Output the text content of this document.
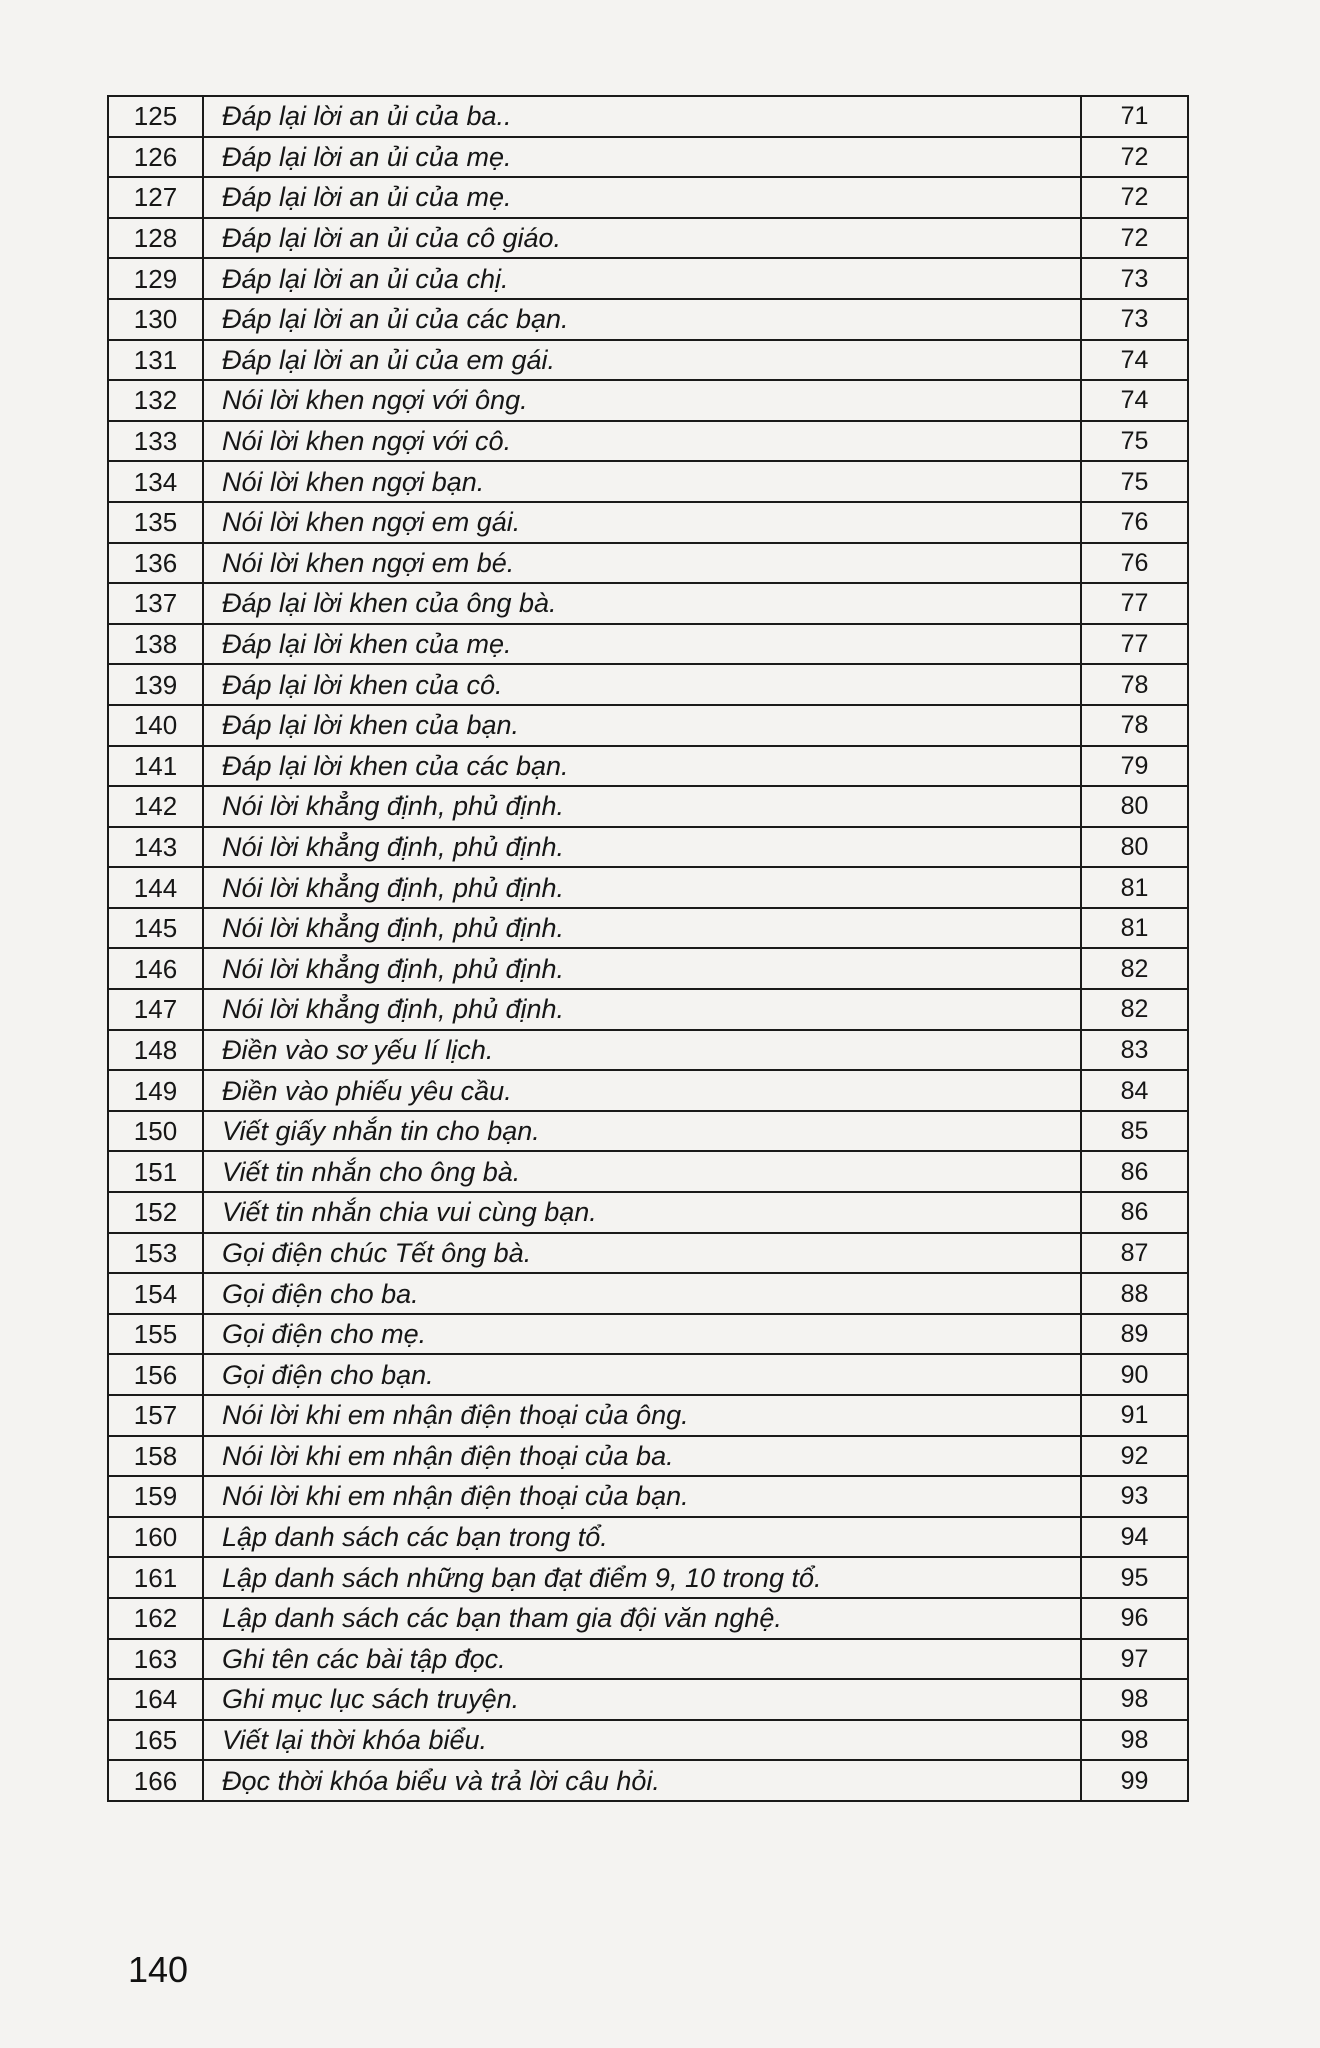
125	Đáp lại lời an ủi của ba..	71
126	Đáp lại lời an ủi của mẹ.	72
127	Đáp lại lời an ủi của mẹ.	72
128	Đáp lại lời an ủi của cô giáo.	72
129	Đáp lại lời an ủi của chị.	73
130	Đáp lại lời an ủi của các bạn.	73
131	Đáp lại lời an ủi của em gái.	74
132	Nói lời khen ngợi với ông.	74
133	Nói lời khen ngợi với cô.	75
134	Nói lời khen ngợi bạn.	75
135	Nói lời khen ngợi em gái.	76
136	Nói lời khen ngợi em bé.	76
137	Đáp lại lời khen của ông bà.	77
138	Đáp lại lời khen của mẹ.	77
139	Đáp lại lời khen của cô.	78
140	Đáp lại lời khen của bạn.	78
141	Đáp lại lời khen của các bạn.	79
142	Nói lời khẳng định, phủ định.	80
143	Nói lời khẳng định, phủ định.	80
144	Nói lời khẳng định, phủ định.	81
145	Nói lời khẳng định, phủ định.	81
146	Nói lời khẳng định, phủ định.	82
147	Nói lời khẳng định, phủ định.	82
148	Điền vào sơ yếu lí lịch.	83
149	Điền vào phiếu yêu cầu.	84
150	Viết giấy nhắn tin cho bạn.	85
151	Viết tin nhắn cho ông bà.	86
152	Viết tin nhắn chia vui cùng bạn.	86
153	Gọi điện chúc Tết ông bà.	87
154	Gọi điện cho ba.	88
155	Gọi điện cho mẹ.	89
156	Gọi điện cho bạn.	90
157	Nói lời khi em nhận điện thoại của ông.	91
158	Nói lời khi em nhận điện thoại của ba.	92
159	Nói lời khi em nhận điện thoại của bạn.	93
160	Lập danh sách các bạn trong tổ.	94
161	Lập danh sách những bạn đạt điểm 9, 10 trong tổ.	95
162	Lập danh sách các bạn tham gia đội văn nghệ.	96
163	Ghi tên các bài tập đọc.	97
164	Ghi mục lục sách truyện.	98
165	Viết lại thời khóa biểu.	98
166	Đọc thời khóa biểu và trả lời câu hỏi.	99
140
